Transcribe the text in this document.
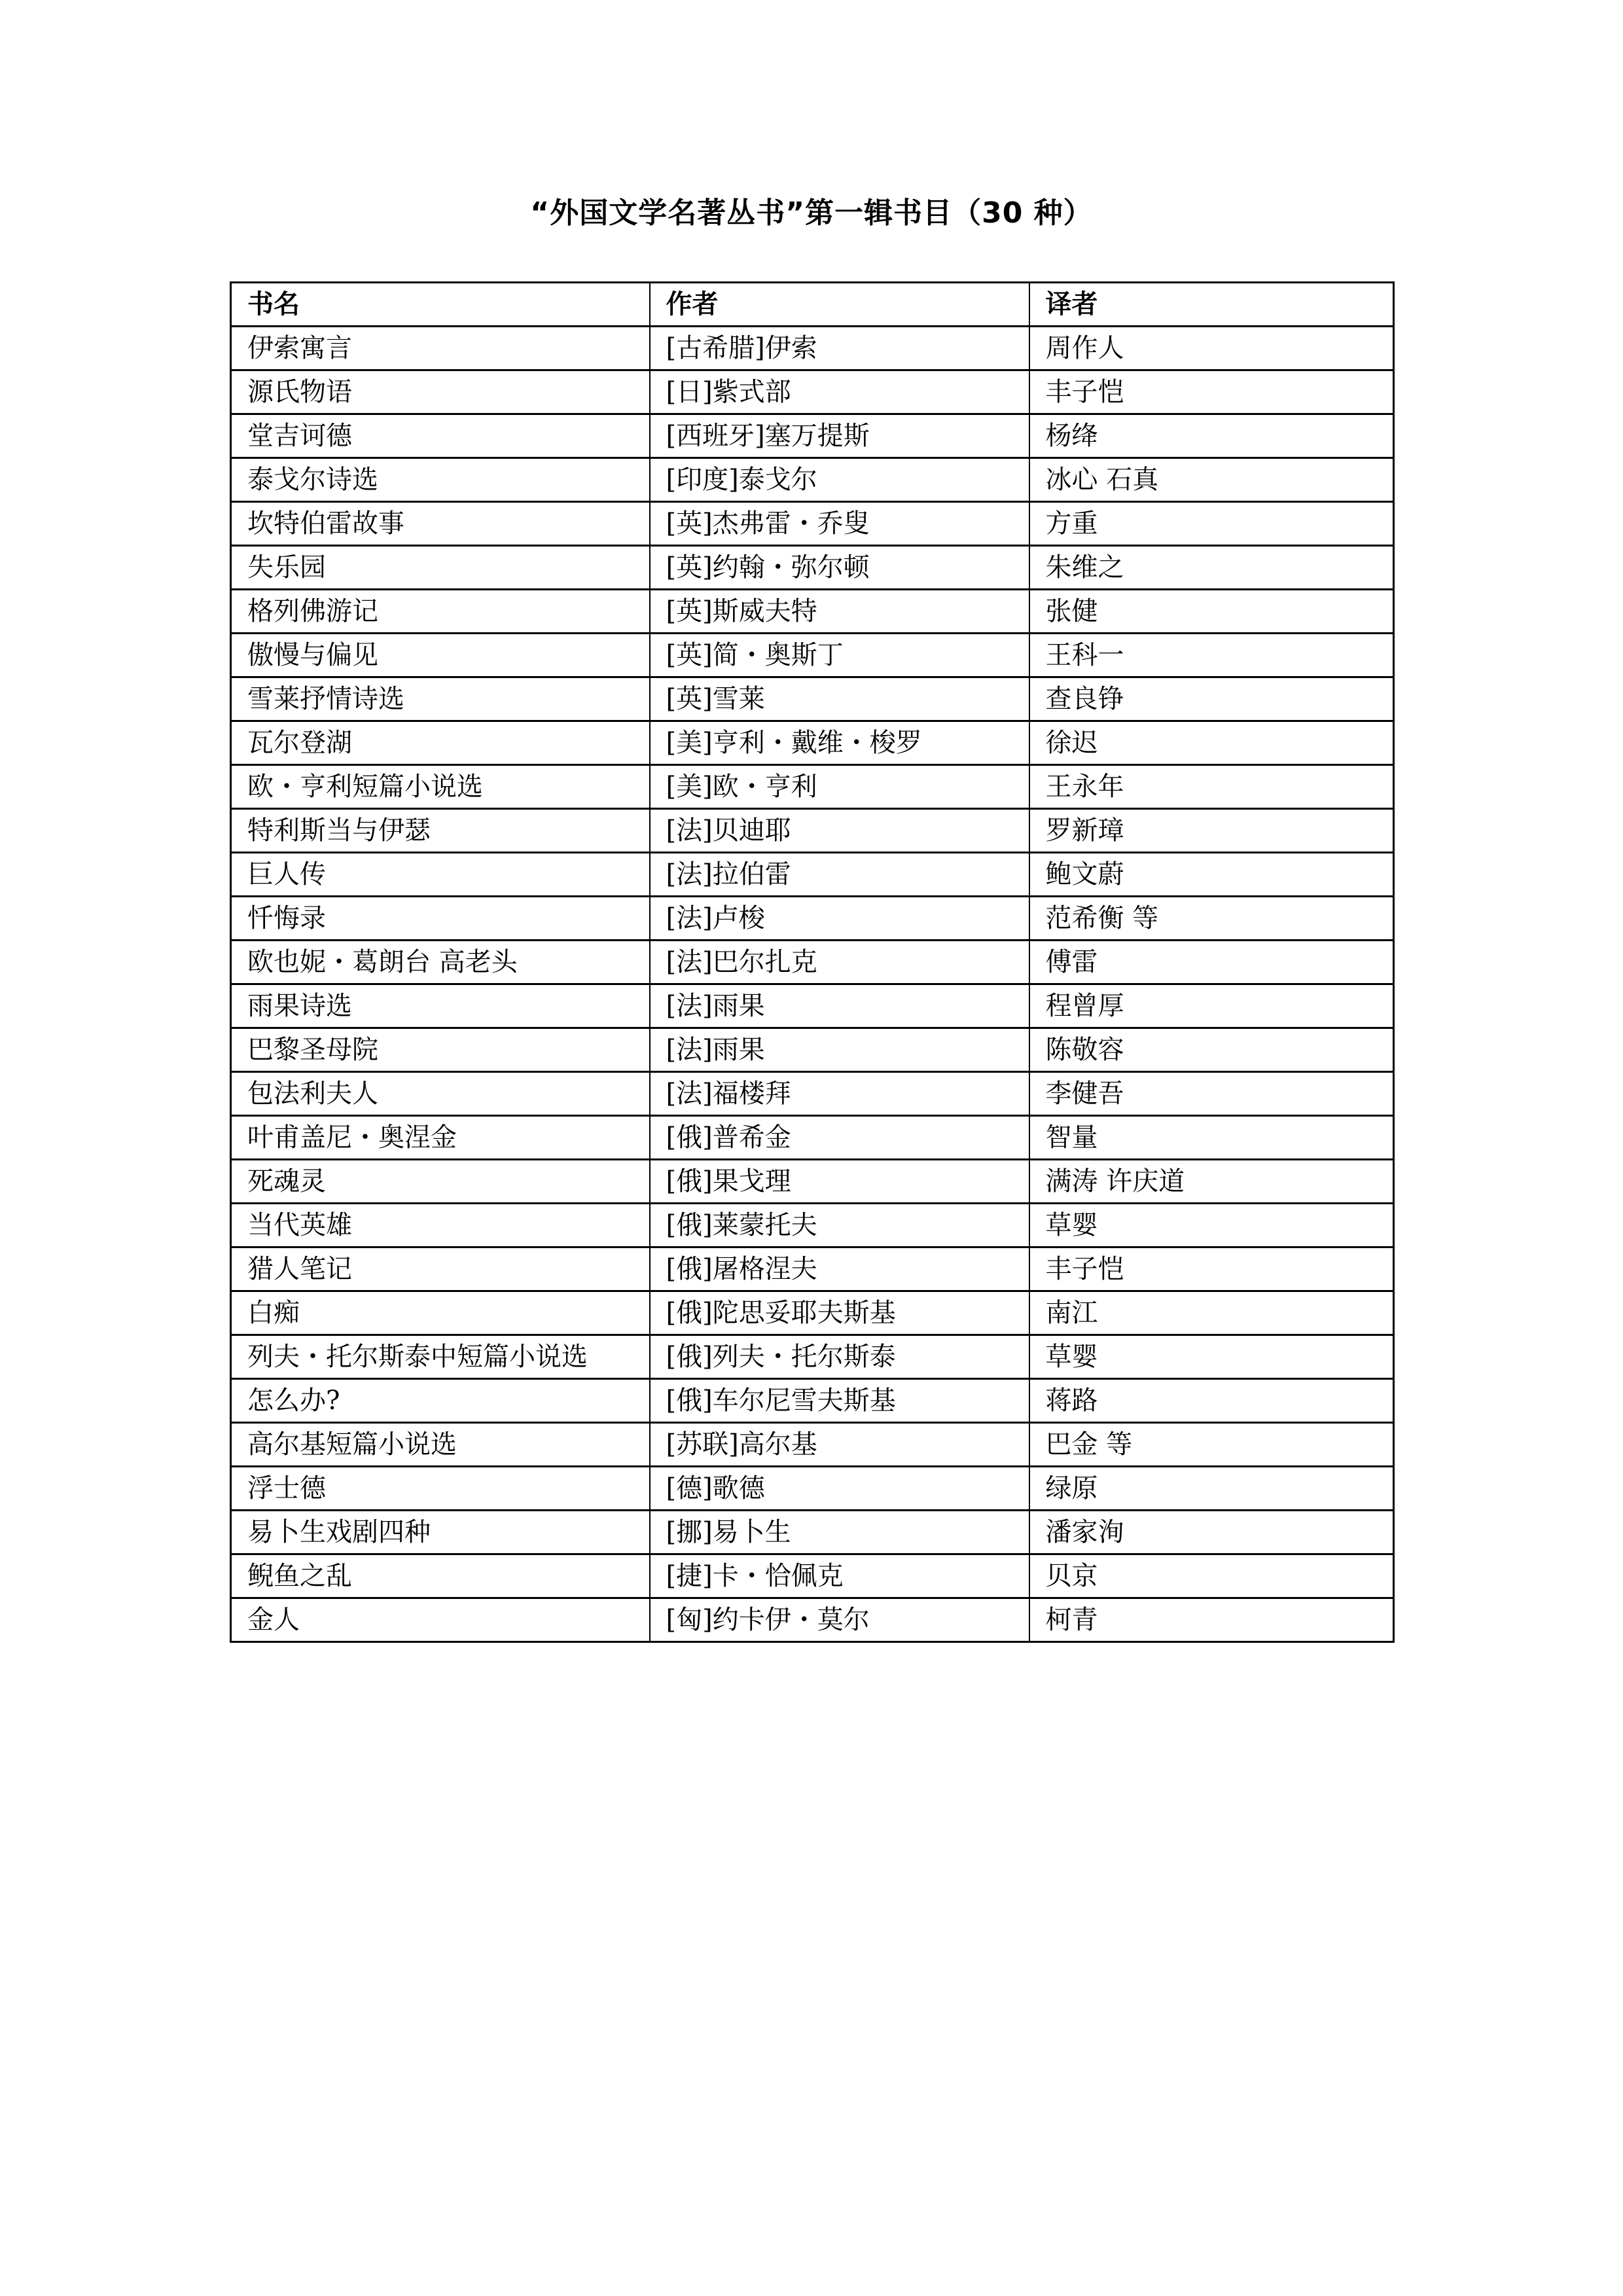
“外国文学名著丛书”第一辑书目（30 种）
书名	作者	译者
伊索寓言	[古希腊]伊索	周作人
源氏物语	[日]紫式部	丰子恺
堂吉诃德	[西班牙]塞万提斯	杨绛
泰戈尔诗选	[印度]泰戈尔	冰心 石真
坎特伯雷故事	[英]杰弗雷・乔叟	方重
失乐园	[英]约翰・弥尔顿	朱维之
格列佛游记	[英]斯威夫特	张健
傲慢与偏见	[英]简・奥斯丁	王科一
雪莱抒情诗选	[英]雪莱	查良铮
瓦尔登湖	[美]亨利・戴维・梭罗	徐迟
欧・亨利短篇小说选	[美]欧・亨利	王永年
特利斯当与伊瑟	[法]贝迪耶	罗新璋
巨人传	[法]拉伯雷	鲍文蔚
忏悔录	[法]卢梭	范希衡 等
欧也妮・葛朗台 高老头	[法]巴尔扎克	傅雷
雨果诗选	[法]雨果	程曾厚
巴黎圣母院	[法]雨果	陈敬容
包法利夫人	[法]福楼拜	李健吾
叶甫盖尼・奥涅金	[俄]普希金	智量
死魂灵	[俄]果戈理	满涛 许庆道
当代英雄	[俄]莱蒙托夫	草婴
猎人笔记	[俄]屠格涅夫	丰子恺
白痴	[俄]陀思妥耶夫斯基	南江
列夫・托尔斯泰中短篇小说选	[俄]列夫・托尔斯泰	草婴
怎么办?	[俄]车尔尼雪夫斯基	蒋路
高尔基短篇小说选	[苏联]高尔基	巴金 等
浮士德	[德]歌德	绿原
易卜生戏剧四种	[挪]易卜生	潘家洵
鲵鱼之乱	[捷]卡・恰佩克	贝京
金人	[匈]约卡伊・莫尔	柯青
